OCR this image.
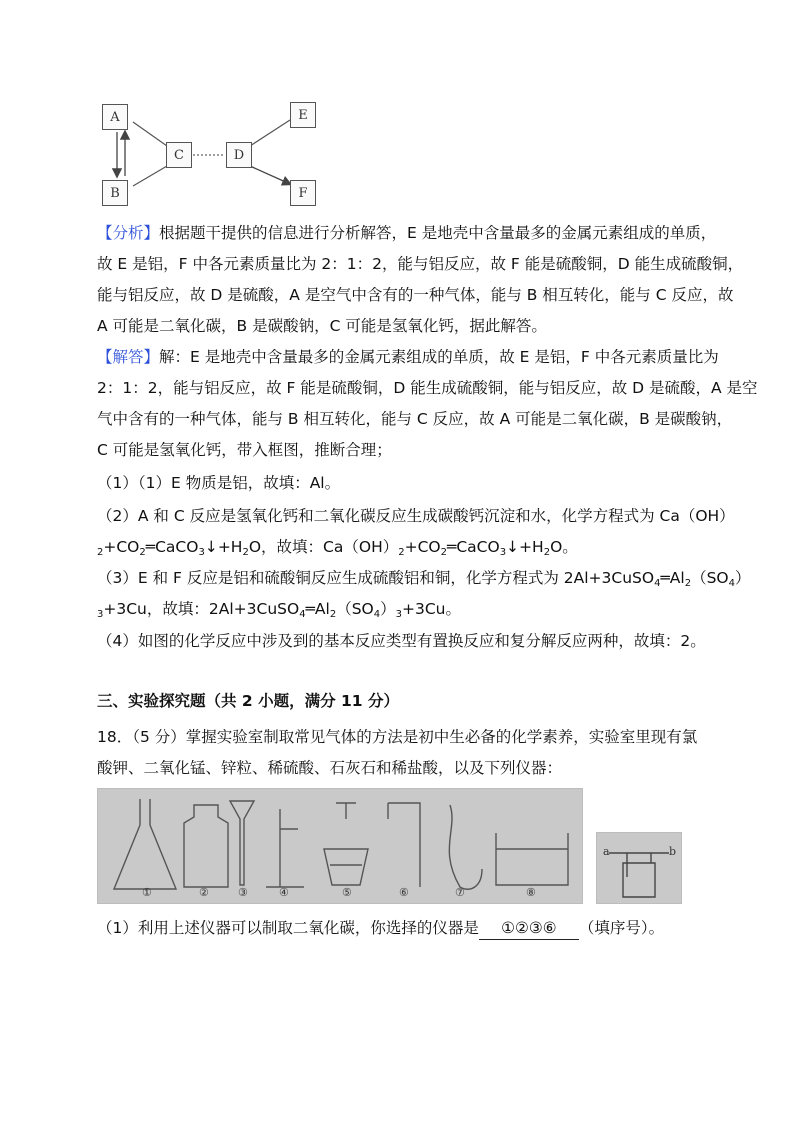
A
B
C	D
E
F
【分析】根据题干提供的信息进行分析解答，E 是地壳中含量最多的金属元素组成的单质，
故 E 是铝，F 中各元素质量比为 2：1：2，能与铝反应，故 F 能是硫酸铜，D 能生成硫酸铜，
能与铝反应，故 D 是硫酸，A 是空气中含有的一种气体，能与 B 相互转化，能与 C 反应，故
A 可能是二氧化碳，B 是碳酸钠，C 可能是氢氧化钙，据此解答。
【解答】解：E 是地壳中含量最多的金属元素组成的单质，故 E 是铝，F 中各元素质量比为
2：1：2，能与铝反应，故 F 能是硫酸铜，D 能生成硫酸铜，能与铝反应，故 D 是硫酸，A 是空
气中含有的一种气体，能与 B 相互转化，能与 C 反应，故 A 可能是二氧化碳，B 是碳酸钠，
C 可能是氢氧化钙，带入框图，推断合理；
（1）（1）E 物质是铝，故填：Al。
（2）A 和 C 反应是氢氧化钙和二氧化碳反应生成碳酸钙沉淀和水，化学方程式为 Ca（OH）
$_2+CO_2═CaCO_3↓+H_2O$，故填：$Ca(OH)_2+CO_2═CaCO_3↓+H_2O$。
（3）E 和 F 反应是铝和硫酸铜反应生成硫酸铝和铜，化学方程式为 $2Al+3CuSO_4═Al_2(SO_4)$
$_3$+3Cu，故填：$2Al+3CuSO_4═Al_2(SO_4)_3+3Cu$。
（4）如图的化学反应中涉及到的基本反应类型有置换反应和复分解反应两种，故填：2。
三、实验探究题（共 2 小题，满分 11 分）
18．（5 分）掌握实验室制取常见气体的方法是初中生必备的化学素养，实验室里现有氯
酸钾、二氧化锰、锌粒、稀硫酸、石灰石和稀盐酸，以及下列仪器：
①	②	③	④	⑤	⑥	⑦	⑧
a	b
（1）利用上述仪器可以制取二氧化碳，你选择的仪器是 ①②③⑥ （填序号）。
